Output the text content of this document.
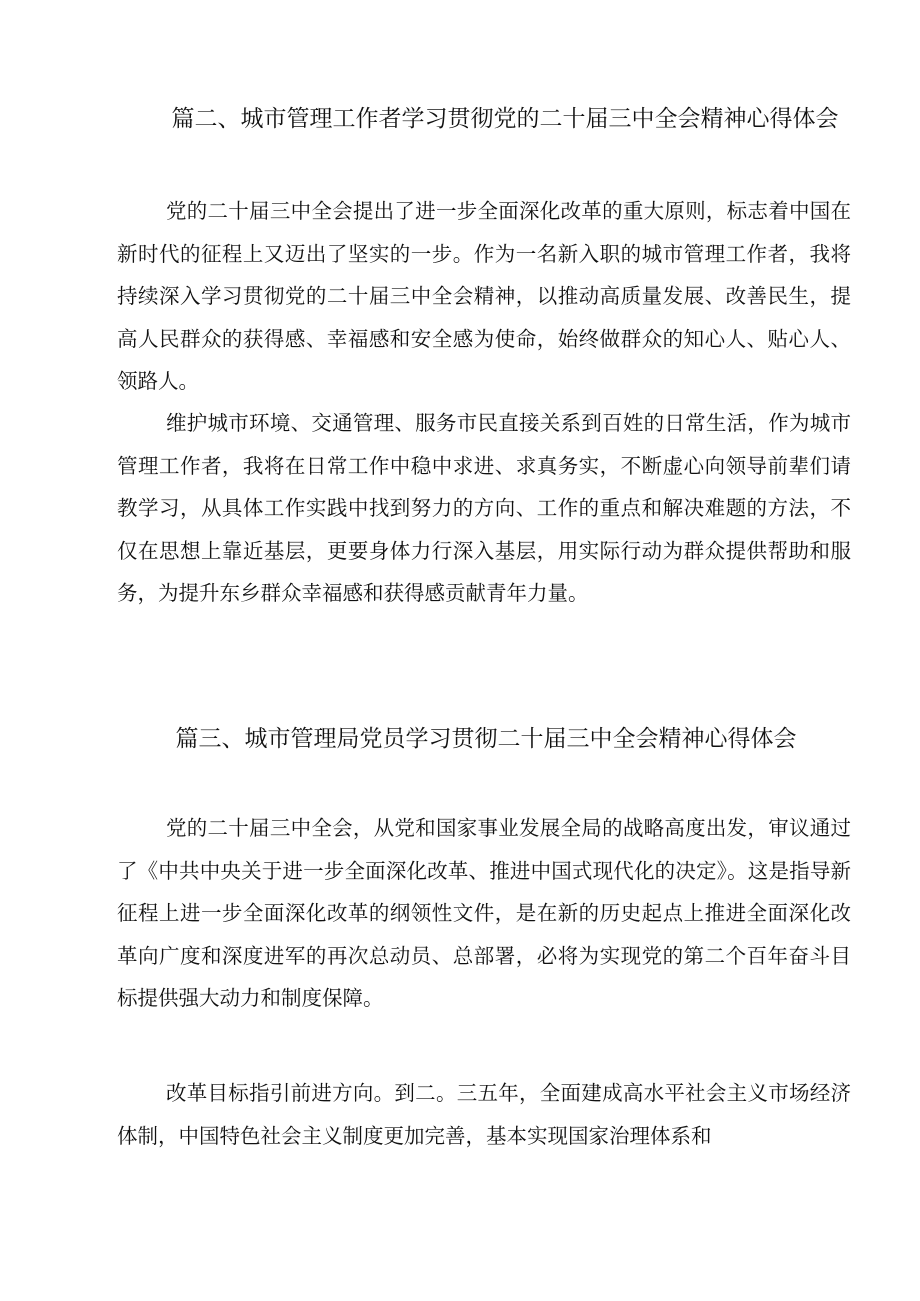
篇二、城市管理工作者学习贯彻党的二十届三中全会精神心得体会

党的二十届三中全会提出了进一步全面深化改革的重大原则，标志着中国在新时代的征程上又迈出了坚实的一步。作为一名新入职的城市管理工作者，我将持续深入学习贯彻党的二十届三中全会精神，以推动高质量发展、改善民生，提高人民群众的获得感、幸福感和安全感为使命，始终做群众的知心人、贴心人、领路人。

维护城市环境、交通管理、服务市民直接关系到百姓的日常生活，作为城市管理工作者，我将在日常工作中稳中求进、求真务实，不断虚心向领导前辈们请教学习，从具体工作实践中找到努力的方向、工作的重点和解决难题的方法，不仅在思想上靠近基层，更要身体力行深入基层，用实际行动为群众提供帮助和服务，为提升东乡群众幸福感和获得感贡献青年力量。

篇三、城市管理局党员学习贯彻二十届三中全会精神心得体会

党的二十届三中全会，从党和国家事业发展全局的战略高度出发，审议通过了《中共中央关于进一步全面深化改革、推进中国式现代化的决定》。这是指导新征程上进一步全面深化改革的纲领性文件，是在新的历史起点上推进全面深化改革向广度和深度进军的再次总动员、总部署，必将为实现党的第二个百年奋斗目标提供强大动力和制度保障。

改革目标指引前进方向。到二。三五年，全面建成高水平社会主义市场经济体制，中国特色社会主义制度更加完善，基本实现国家治理体系和
